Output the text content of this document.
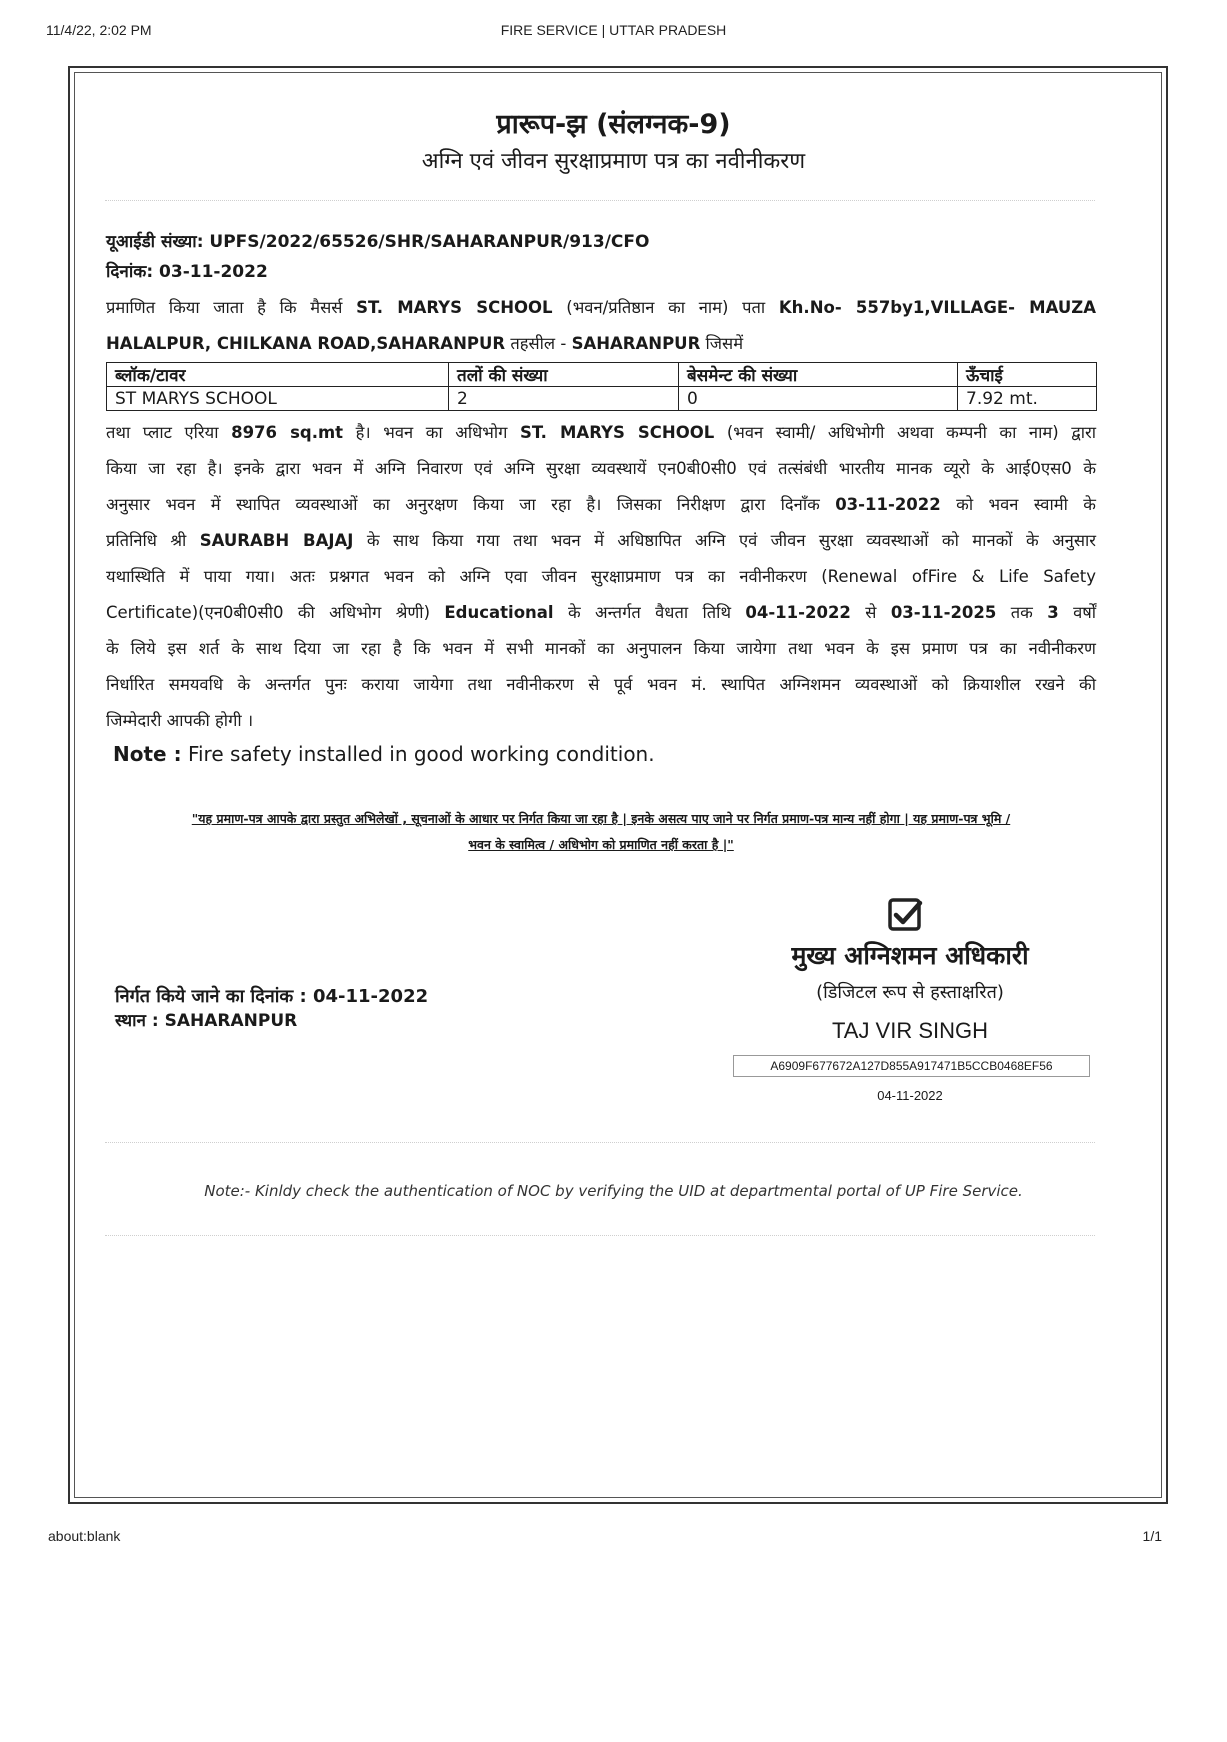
11/4/22, 2:02 PM	FIRE SERVICE | UTTAR PRADESH
about:blank	1/1
प्रारूप-झ (संलग्नक-9)
अग्नि एवं जीवन सुरक्षाप्रमाण पत्र का नवीनीकरण
यूआईडी संख्या: UPFS/2022/65526/SHR/SAHARANPUR/913/CFO
दिनांक: 03-11-2022
प्रमाणित किया जाता है कि मैसर्स ST. MARYS SCHOOL (भवन/प्रतिष्ठान का नाम) पता Kh.No- 557by1,VILLAGE- MAUZA
HALALPUR, CHILKANA ROAD,SAHARANPUR तहसील - SAHARANPUR जिसमें
ब्लॉक/टावर	तलों की संख्या	बेसमेन्ट की संख्या	ऊँचाई
ST MARYS SCHOOL	2	0	7.92 mt.
तथा प्लाट एरिया 8976 sq.mt है। भवन का अधिभोग ST. MARYS SCHOOL (भवन स्वामी/ अधिभोगी अथवा कम्पनी का नाम) द्वारा
किया जा रहा है। इनके द्वारा भवन में अग्नि निवारण एवं अग्नि सुरक्षा व्यवस्थायें एन0बी0सी0 एवं तत्संबंधी भारतीय मानक व्यूरो के आई0एस0 के
अनुसार भवन में स्थापित व्यवस्थाओं का अनुरक्षण किया जा रहा है। जिसका निरीक्षण द्वारा दिनाँक 03-11-2022 को भवन स्वामी के
प्रतिनिधि श्री SAURABH BAJAJ के साथ किया गया तथा भवन में अधिष्ठापित अग्नि एवं जीवन सुरक्षा व्यवस्थाओं को मानकों के अनुसार
यथास्थिति में पाया गया। अतः प्रश्नगत भवन को अग्नि एवा जीवन सुरक्षाप्रमाण पत्र का नवीनीकरण (Renewal ofFire & Life Safety
Certificate)(एन0बी0सी0 की अधिभोग श्रेणी) Educational के अन्तर्गत वैधता तिथि 04-11-2022 से 03-11-2025 तक 3 वर्षों
के लिये इस शर्त के साथ दिया जा रहा है कि भवन में सभी मानकों का अनुपालन किया जायेगा तथा भवन के इस प्रमाण पत्र का नवीनीकरण
निर्धारित समयवधि के अन्तर्गत पुनः कराया जायेगा तथा नवीनीकरण से पूर्व भवन मं. स्थापित अग्निशमन व्यवस्थाओं को क्रियाशील रखने की
जिम्मेदारी आपकी होगी ।
Note : Fire safety installed in good working condition.
"यह प्रमाण-पत्र आपके द्वारा प्रस्तुत अभिलेखों , सूचनाओं के आधार पर निर्गत किया जा रहा है | इनके असत्य पाए जाने पर निर्गत प्रमाण-पत्र मान्य नहीं होगा | यह प्रमाण-पत्र भूमि /
भवन के स्वामित्व / अधिभोग को प्रमाणित नहीं करता है |"
मुख्य अग्निशमन अधिकारी
(डिजिटल रूप से हस्ताक्षरित)
TAJ VIR SINGH
A6909F677672A127D855A917471B5CCB0468EF56
04-11-2022
निर्गत किये जाने का दिनांक : 04-11-2022
स्थान : SAHARANPUR
Note:- Kinldy check the authentication of NOC by verifying the UID at departmental portal of UP Fire Service.
